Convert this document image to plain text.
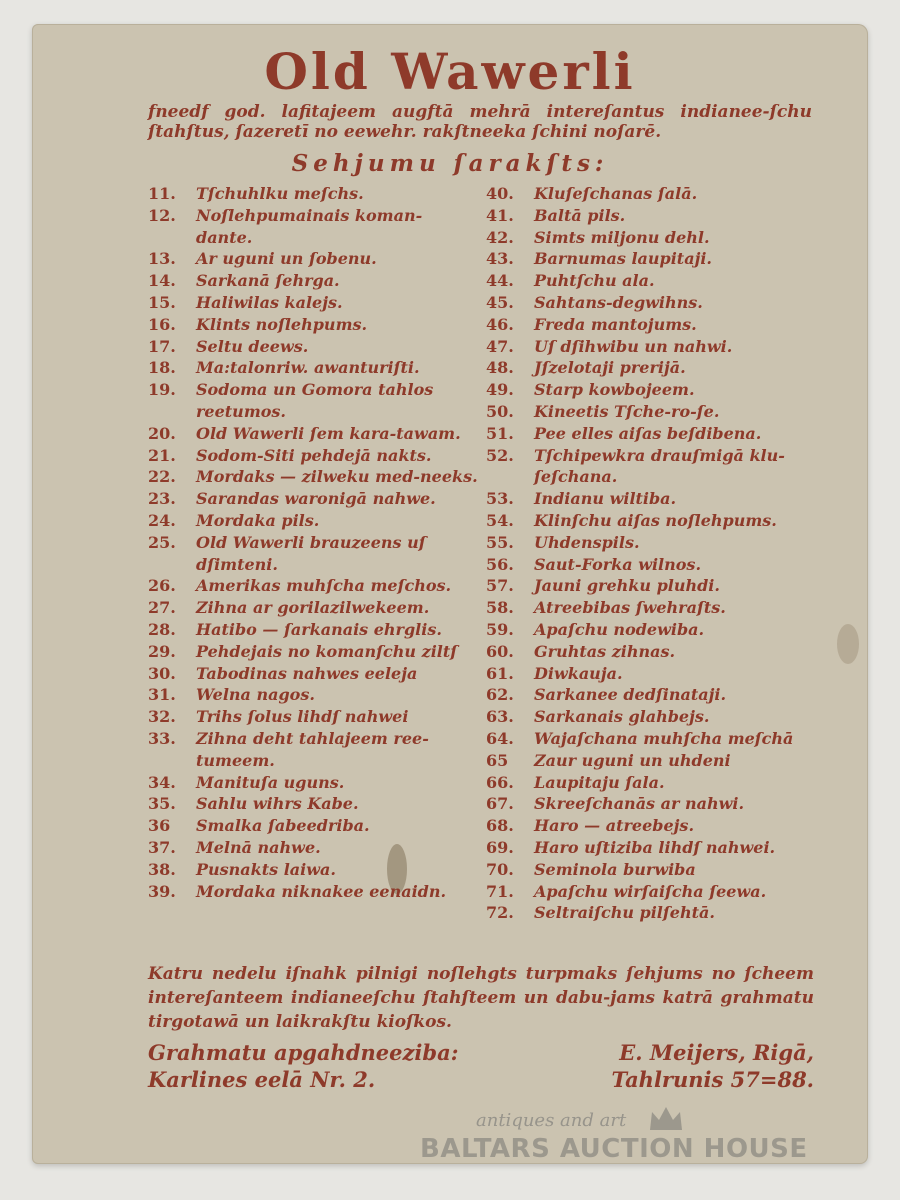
Old Wawerli
fneedf god. lafitajeem augftā mehrā intereſantus indianee-ſchu ſtahſtus, ſazeretī no eewehr. rakſtneeka ſchini noſarē.
Sehjumu ſarakſts:
11.	Tſchuhlku meſchs.
12.	Noſlehpumainais koman-dante.
13.	Ar uguni un ſobenu.
14.	Sarkanā ſehrga.
15.	Haliwilas kalejs.
16.	Klints noſlehpums.
17.	Seltu deews.
18.	Ma:talonriw. awanturiſti.
19.	Sodoma un Gomora tahlos reetumos.
20.	Old Wawerli ſem kara-tawam.
21.	Sodom-Siti pehdejā nakts.
22.	Mordaks — zilweku med-neeks.
23.	Sarandas waronigā nahwe.
24.	Mordaka pils.
25.	Old Wawerli brauzeens uſ dſimteni.
26.	Amerikas muhſcha meſchos.
27.	Zihna ar gorilazilwekeem.
28.	Hatibo — ſarkanais ehrglis.
29.	Pehdejais no komanſchu ziltſ
30.	Tabodinas nahwes eeleja
31.	Welna nagos.
32.	Trihs ſolus lihdſ nahwei
33.	Zihna deht tahlajeem ree-tumeem.
34.	Manituſa uguns.
35.	Sahlu wihrs Kabe.
36	Smalka ſabeedriba.
37.	Melnā nahwe.
38.	Pusnakts laiwa.
39.	Mordaka niknakee eenaidn.
40.	Kluſeſchanas ſalā.
41.	Baltā pils.
42.	Simts miljonu dehl.
43.	Barnumas laupitaji.
44.	Puhtſchu ala.
45.	Sahtans-degwihns.
46.	Freda mantojums.
47.	Uſ dſihwibu un nahwi.
48.	Jſzelotaji prerijā.
49.	Starp kowbojeem.
50.	Kineetis Tſche-ro-ſe.
51.	Pee elles aiſas beſdibena.
52.	Tſchipewkra drauſmigā klu-ſeſchana.
53.	Indianu wiltiba.
54.	Klinſchu aiſas noſlehpums.
55.	Uhdenspils.
56.	Saut-Forka wilnos.
57.	Jauni grehku pluhdi.
58.	Atreebibas ſwehraſts.
59.	Apaſchu nodewiba.
60.	Gruhtas zihnas.
61.	Diwkauja.
62.	Sarkanee dedſinataji.
63.	Sarkanais glahbejs.
64.	Wajaſchana muhſcha meſchā
65	Zaur uguni un uhdeni
66.	Laupitaju ſala.
67.	Skreeſchanās ar nahwi.
68.	Haro — atreebejs.
69.	Haro uſtiziba lihdſ nahwei.
70.	Seminola burwiba
71.	Apaſchu wirſaiſcha ſeewa.
72.	Seltraiſchu pilſehtā.
Katru nedelu iſnahk pilnigi noſlehgts turpmaks ſehjums no ſcheem intereſanteem indianeeſchu ſtahſteem un dabu-jams katrā grahmatu tirgotawā un laikrakſtu kioſkos.
Grahmatu apgahdneeziba:	E. Meijers, Rigā,
Karlines eelā Nr. 2.	Tahlrunis 57=88.
antiques and art
BALTARS AUCTION HOUSE
